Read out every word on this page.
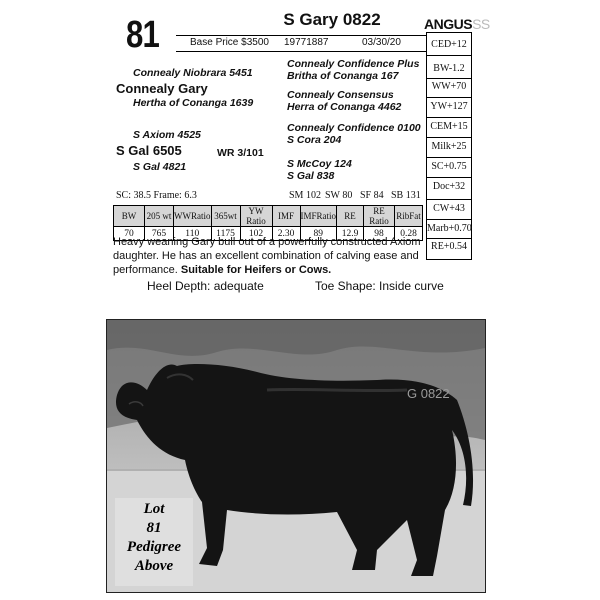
81	S Gary 0822	ANGUSSS
Base Price $3500 19771887	03/30/20	CED+12
BW-1.2
WW+70
YW+127
CEM+15
Milk+25
SC+0.75
Doc+32
CW+43
Marb+0.70
RE+0.54
Connealy Niobrara 5451
Connealy Gary
Hertha of Conanga 1639
S Axiom 4525
S Gal 6505	WR 3/101
S Gal 4821
Connealy Confidence Plus
Britha of Conanga 167
Connealy Consensus
Herra of Conanga 4462
Connealy Confidence 0100
S Cora 204
S McCoy 124
S Gal 838
SC: 38.5 Frame: 6.3	SM 102 SW 80 SF 84 SB 131
BW	205 wt	WWRatio	365wt	YW Ratio	IMF	IMFRatio	RE	RE Ratio	RibFat
70	765	110	1175	102	2.30	89	12.9	98	0.28
Heavy weaning Gary bull out of a powerfully constructed Axiom daughter. He has an excellent combination of calving ease and performance. Suitable for Heifers or Cows.
Heel Depth: adequate	Toe Shape: Inside curve
G 0822
Lot
81
Pedigree
Above
